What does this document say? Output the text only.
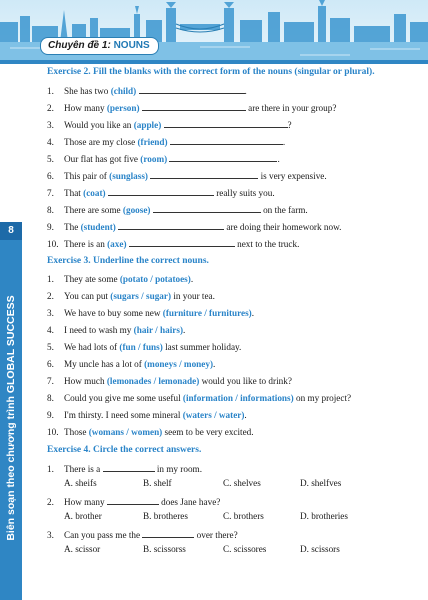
Chuyên đề 1: NOUNS
8
Biên soạn theo chương trình GLOBAL SUCCESS
Exercise 2. Fill the blanks with the correct form of the nouns (singular or plural).
1. She has two (child)	.
2. How many (person)	are there in your group?
3. Would you like an (apple)	?
4. Those are my close (friend)	.
5. Our flat has got five (room)	.
6. This pair of (sunglass)	is very expensive.
7. That (coat)	really suits you.
8. There are some (goose)	on the farm.
9. The (student)	are doing their homework now.
10. There is an (axe)	next to the truck.
Exercise 3. Underline the correct nouns.
1. They ate some (potato / potatoes).
2. You can put (sugars / sugar) in your tea.
3. We have to buy some new (furniture / furnitures).
4. I need to wash my (hair / hairs).
5. We had lots of (fun / funs) last summer holiday.
6. My uncle has a lot of (moneys / money).
7. How much (lemonades / lemonade) would you like to drink?
8. Could you give me some useful (information / informations) on my project?
9. I'm thirsty. I need some mineral (waters / water).
10. Those (womans / women) seem to be very excited.
Exercise 4. Circle the correct answers.
1. There is a	in my room.
A. sheifs	B. shelf	C. shelves	D. shelfves
2. How many	does Jane have?
A. brother	B. brotheres	C. brothers	D. brotheries
3. Can you pass me the	over there?
A. scissor	B. scissorss	C. scissores	D. scissors
